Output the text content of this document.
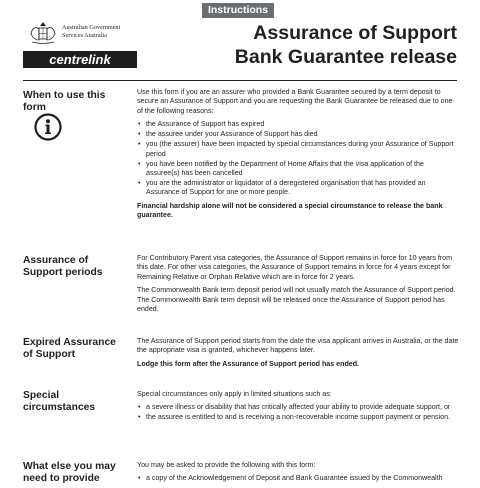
Instructions
Australian Government
Services Australia
centrelink
Assurance of Support
Bank Guarantee release
When to use this form

Use this form if you are an assurer who provided a Bank Guarantee secured by a term deposit to secure an Assurance of Support and you are requesting the Bank Guarantee be released due to one of the following reasons:

• the Assurance of Support has expired
• the assuree under your Assurance of Support has died
• you (the assurer) have been impacted by special circumstances during your Assurance of Support period
• you have been notified by the Department of Home Affairs that the visa application of the assuree(s) has been cancelled
• you are the administrator or liquidator of a deregistered organisation that has provided an Assurance of Support for one or more people.

Financial hardship alone will not be considered a special circumstance to release the bank guarantee.

Assurance of Support periods

For Contributory Parent visa categories, the Assurance of Support remains in force for 10 years from this date. For other visa categories, the Assurance of Support remains in force for 4 years except for Remaining Relative or Orphan Relative which are in force for 2 years.

The Commonwealth Bank term deposit period will not usually match the Assurance of Support period. The Commonwealth Bank term deposit will be released once the Assurance of Support period has ended.

Expired Assurance of Support

The Assurance of Support period starts from the date the visa applicant arrives in Australia, or the date the appropriate visa is granted, whichever happens later.

Lodge this form after the Assurance of Support period has ended.

Special circumstances

Special circumstances only apply in limited situations such as:

• a severe illness or disability that has critically affected your ability to provide adequate support, or
• the assuree is entitled to and is receiving a non-recoverable income support payment or pension.
What else you may need to provide

You may be asked to provide the following with this form:

• a copy of the Acknowledgement of Deposit and Bank Guarantee issued by the Commonwealth
